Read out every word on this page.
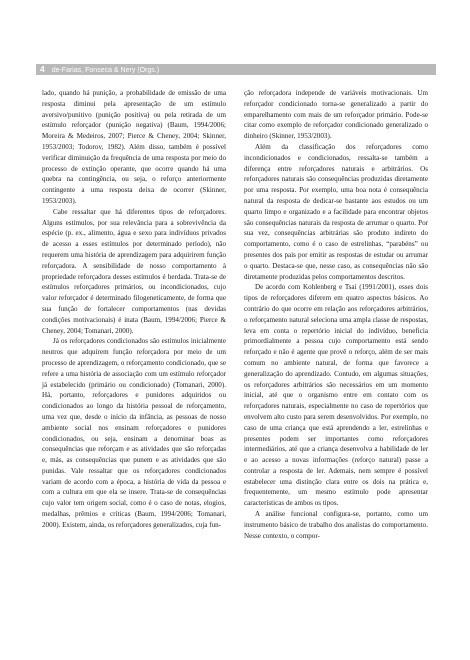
4 de-Farias, Fonseca & Nery (Orgs.)

lado, quando há punição, a probabilidade de emissão de uma resposta diminui pela apresentação de um estímulo aversivo/punitivo (punição positiva) ou pela retirada de um estímulo reforçador (punição negativa) (Baum, 1994/2006; Moreira & Medeiros, 2007; Pierce & Cheney, 2004; Skinner, 1953/2003; Todorov, 1982). Além disso, também é possível verificar diminuição da frequência de uma resposta por meio do processo de extinção operante, que ocorre quando há uma quebra na contingência, ou seja, o reforço anteriormente contingente a uma resposta deixa de ocorrer (Skinner, 1953/2003).

Cabe ressaltar que há diferentes tipos de reforçadores. Alguns estímulos, por sua relevância para a sobrevivência da espécie (p. ex., alimento, água e sexo para indivíduos privados de acesso a esses estímulos por determinado período), não requerem uma história de aprendizagem para adquirirem função reforçadora. A sensibilidade de nosso comportamento à propriedade reforçadora desses estímulos é herdada. Trata-se de estímulos reforçadores primários, ou incondicionados, cujo valor reforçador é determinado filogeneticamente, de forma que sua função de fortalecer comportamentos (nas devidas condições motivacionais) é inata (Baum, 1994/2006; Pierce & Cheney, 2004; Tomanari, 2000).

Já os reforçadores condicionados são estímulos inicialmente neutros que adquirem função reforçadora por meio de um processo de aprendizagem, o reforçamento condicionado, que se refere a uma história de associação com um estímulo reforçador já estabelecido (primário ou condicionado) (Tomanari, 2000). Há, portanto, reforçadores e punidores adquiridos ou condicionados ao longo da história pessoal de reforçamento, uma vez que, desde o início da infância, as pessoas de nosso ambiente social nos ensinam reforçadores e punidores condicionados, ou seja, ensinam a denominar boas as consequências que reforçam e as atividades que são reforçadas e, más, as consequências que punem e as atividades que são punidas. Vale ressaltar que os reforçadores condicionados variam de acordo com a época, a história de vida da pessoa e com a cultura em que ela se insere. Trata-se de consequências cujo valor tem origem social, como é o caso de notas, elogios, medalhas, prêmios e críticas (Baum, 1994/2006; Tomanari, 2000). Existem, ainda, os reforçadores generalizados, cuja fun-

ção reforçadora independe de variáveis motivacionais. Um reforçador condicionado torna-se generalizado a partir do emparelhamento com mais de um reforçador primário. Pode-se citar como exemplo de reforçador condicionado generalizado o dinheiro (Skinner, 1953/2003).

Além da classificação dos reforçadores como incondicionados e condicionados, ressalta-se também a diferença entre reforçadores naturais e arbitrários. Os reforçadores naturais são consequências produzidas diretamente por uma resposta. Por exemplo, uma boa nota é consequência natural da resposta de dedicar-se bastante aos estudos ou um quarto limpo e organizado e a facilidade para encontrar objetos são consequências naturais da resposta de arrumar o quarto. Por sua vez, consequências arbitrárias são produto indireto do comportamento, como é o caso de estrelinhas, “parabéns” ou presentes dos pais por emitir as respostas de estudar ou arrumar o quarto. Destaca-se que, nesse caso, as consequências não são diretamente produzidas pelos comportamentos descritos.

De acordo com Kohlenberg e Tsai (1991/2001), esses dois tipos de reforçadores diferem em quatro aspectos básicos. Ao contrário do que ocorre em relação aos reforçadores arbitrários, o reforçamento natural seleciona uma ampla classe de respostas, leva em conta o repertório inicial do indivíduo, beneficia primordialmente a pessoa cujo comportamento está sendo reforçado e não é agente que provê o reforço, além de ser mais comum no ambiente natural, de forma que favorece a generalização do aprendizado. Contudo, em algumas situações, os reforçadores arbitrários são necessários em um momento inicial, até que o organismo entre em contato com os reforçadores naturais, especialmente no caso de repertórios que envolvem alto custo para serem desenvolvidos. Por exemplo, no caso de uma criança que está aprendendo a ler, estrelinhas e presentes podem ser importantes como reforçadores intermediários, até que a criança desenvolva a habilidade de ler e ao acesso a novas informações (reforço natural) passe a controlar a resposta de ler. Ademais, nem sempre é possível estabelecer uma distinção clara entre os dois na prática e, frequentemente, um mesmo estímulo pode apresentar características de ambos os tipos.

A análise funcional configura-se, portanto, como um instrumento básico de trabalho dos analistas do comportamento. Nesse contexto, o compor-
